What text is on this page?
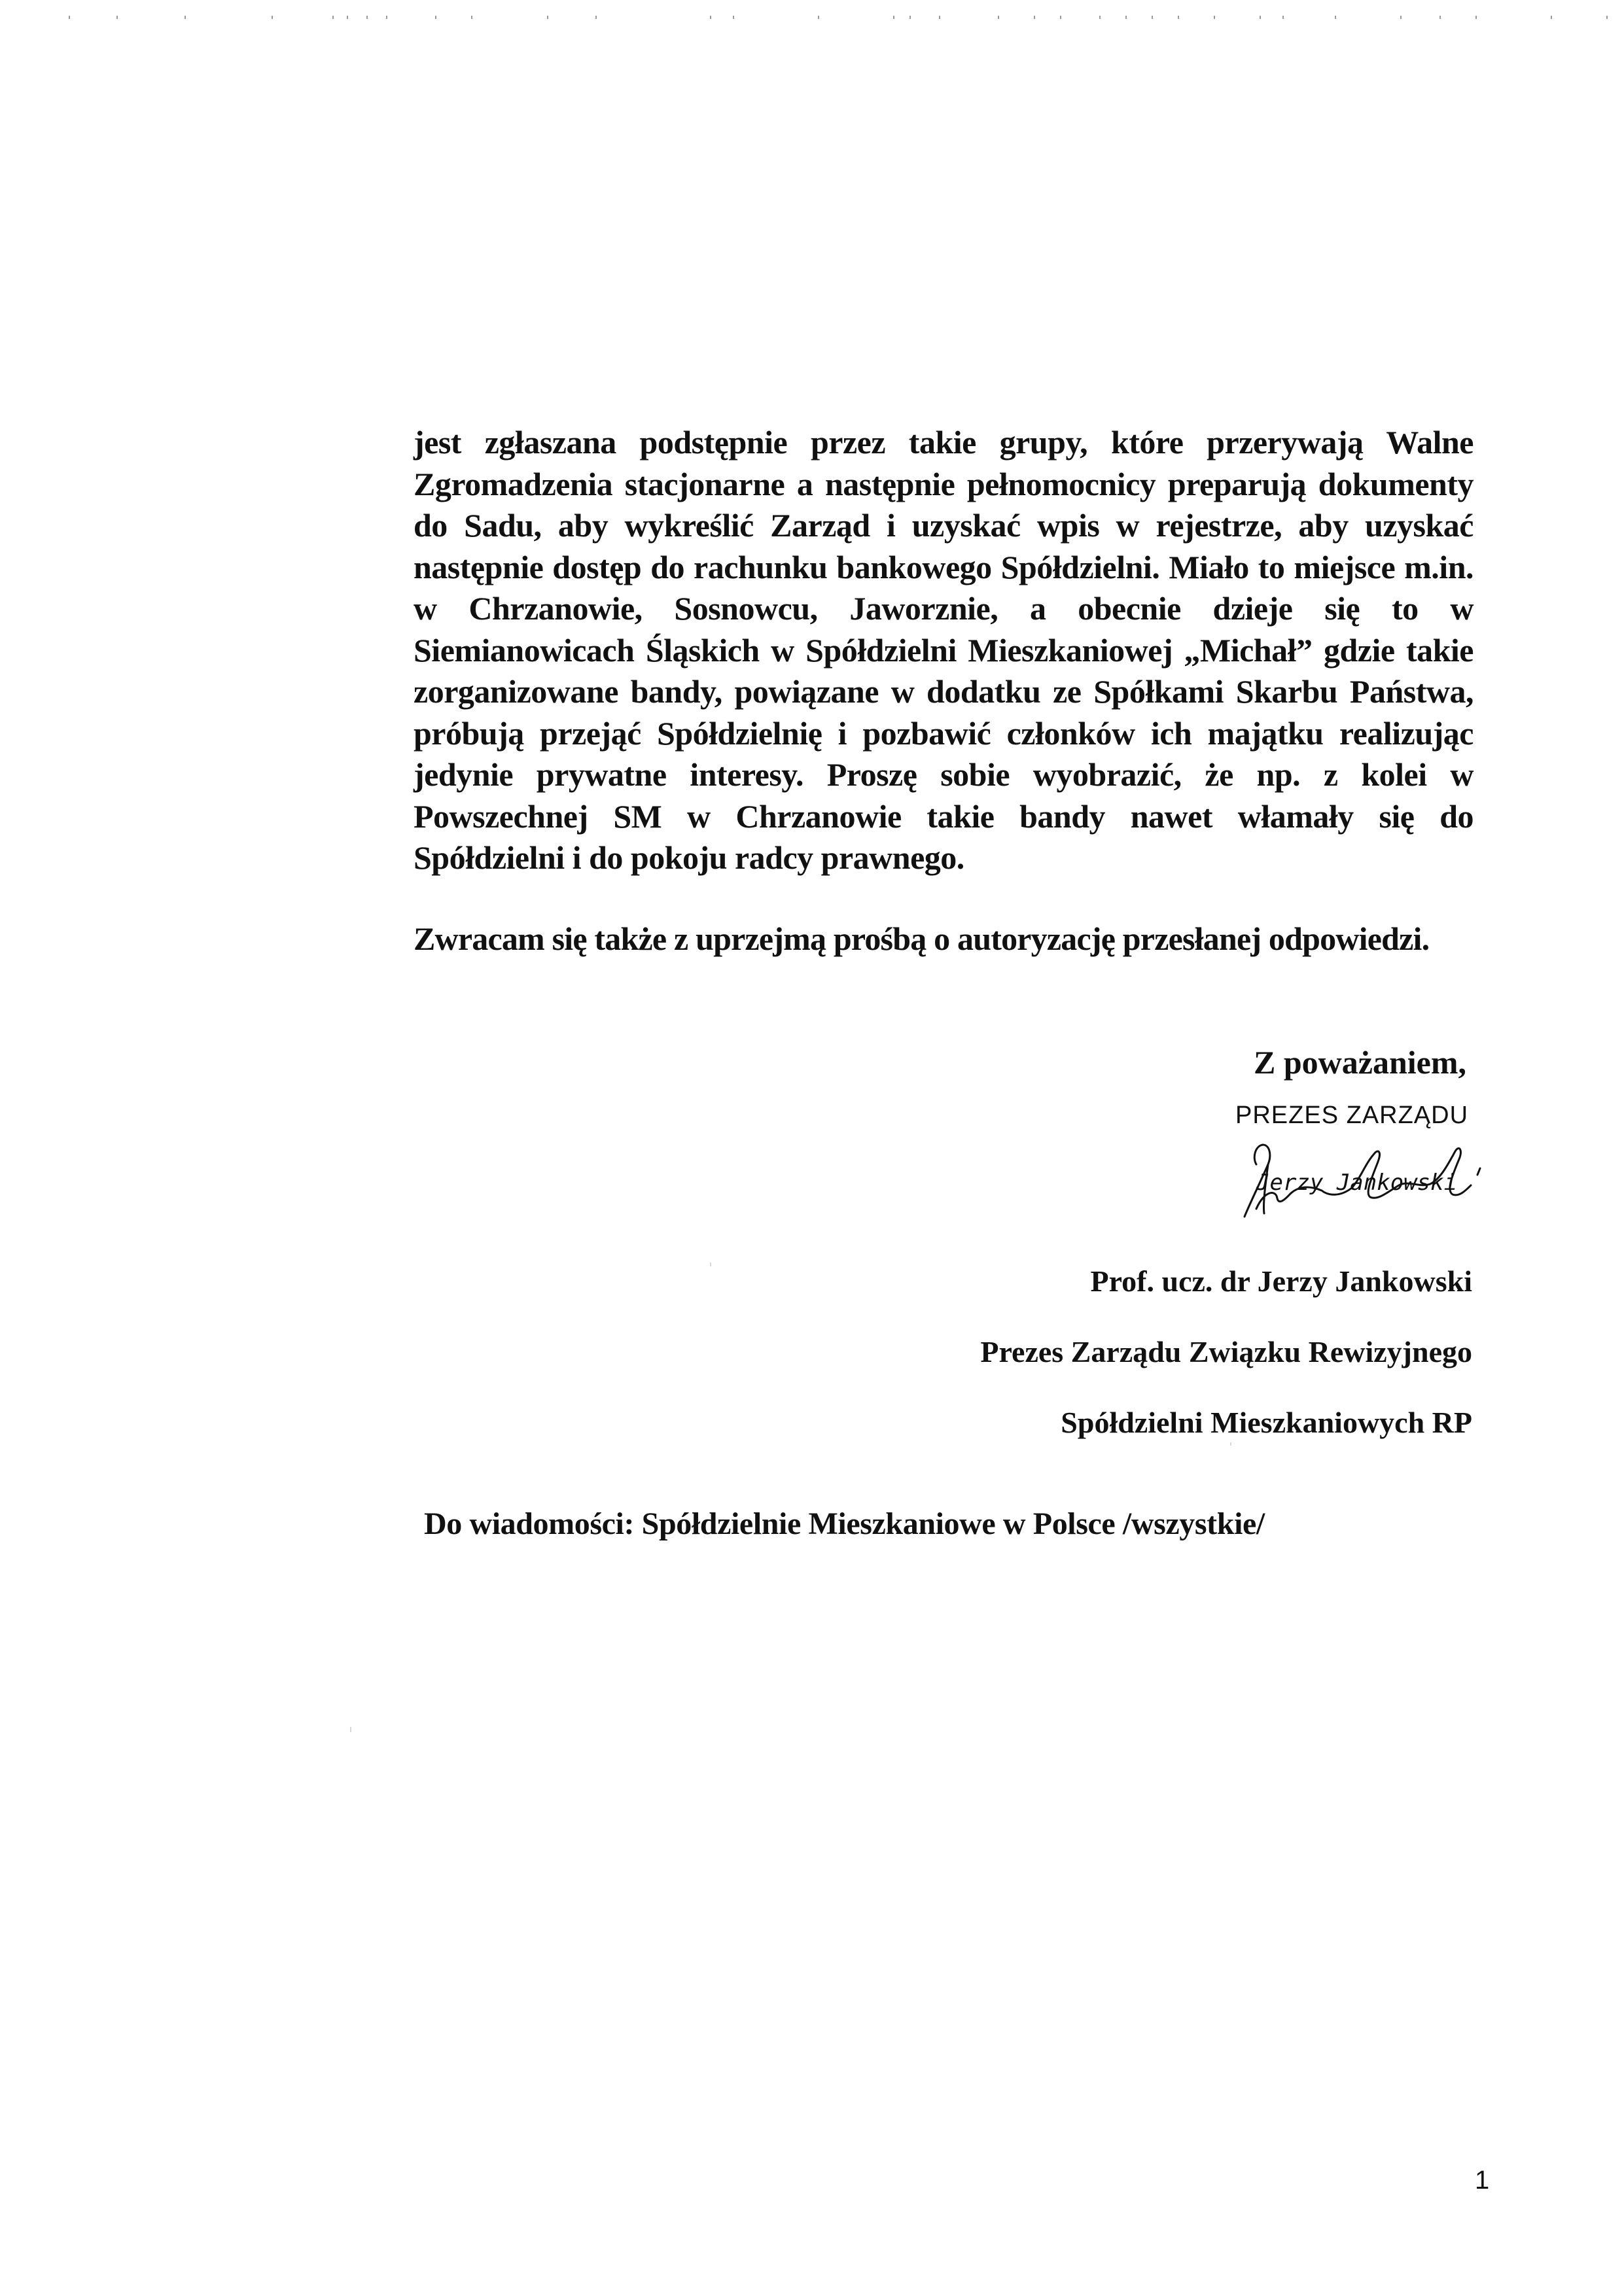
jest zgłaszana podstępnie przez takie grupy, które przerywają Walne Zgromadzenia stacjonarne a następnie pełnomocnicy preparują dokumenty do Sadu, aby wykreślić Zarząd i uzyskać wpis w rejestrze, aby uzyskać następnie dostęp do rachunku bankowego Spółdzielni. Miało to miejsce m.in. w Chrzanowie, Sosnowcu, Jaworznie, a obecnie dzieje się to w Siemianowicach Śląskich w Spółdzielni Mieszkaniowej „Michał” gdzie takie zorganizowane bandy, powiązane w dodatku ze Spółkami Skarbu Państwa, próbują przejąć Spółdzielnię i pozbawić członków ich majątku realizując jedynie prywatne interesy. Proszę sobie wyobrazić, że np. z kolei w Powszechnej SM w Chrzanowie takie bandy nawet włamały się do Spółdzielni i do pokoju radcy prawnego.

Zwracam się także z uprzejmą prośbą o autoryzację przesłanej odpowiedzi.
Z poważaniem,
PREZES ZARZĄDU
Jerzy Jankowski
Prof. ucz. dr Jerzy Jankowski
Prezes Zarządu Związku Rewizyjnego
Spółdzielni Mieszkaniowych RP
Do wiadomości: Spółdzielnie Mieszkaniowe w Polsce /wszystkie/
1
